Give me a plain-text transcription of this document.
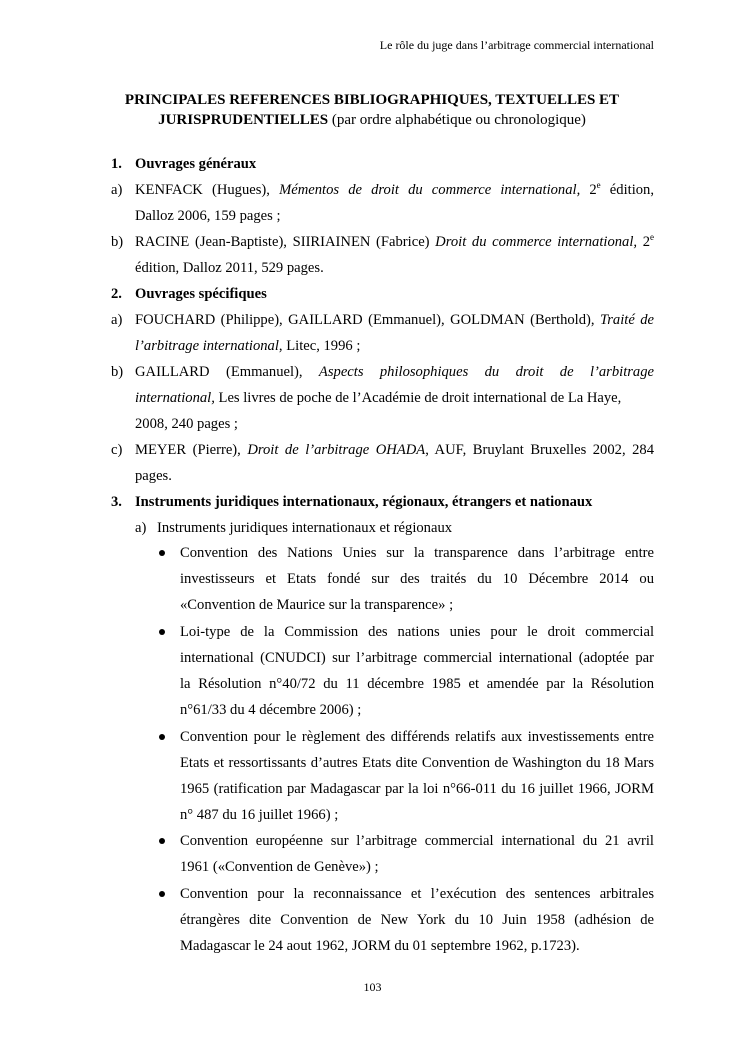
Le rôle du juge dans l’arbitrage commercial international
PRINCIPALES REFERENCES BIBLIOGRAPHIQUES, TEXTUELLES ET
JURISPRUDENTIELLES (par ordre alphabétique ou chronologique)
1. Ouvrages généraux
a) KENFACK (Hugues), Mémentos de droit du commerce international, 2e édition,
Dalloz 2006, 159 pages ;
b) RACINE (Jean-Baptiste), SIIRIAINEN (Fabrice) Droit du commerce international, 2e
édition, Dalloz 2011, 529 pages.
2. Ouvrages spécifiques
a) FOUCHARD (Philippe), GAILLARD (Emmanuel), GOLDMAN (Berthold), Traité de
l’arbitrage international, Litec, 1996 ;
b) GAILLARD (Emmanuel), Aspects philosophiques du droit de l’arbitrage
international, Les livres de poche de l’Académie de droit international de La Haye,
2008, 240 pages ;
c) MEYER (Pierre), Droit de l’arbitrage OHADA, AUF, Bruylant Bruxelles 2002, 284
pages.
3. Instruments juridiques internationaux, régionaux, étrangers et nationaux
a) Instruments juridiques internationaux et régionaux
Convention des Nations Unies sur la transparence dans l’arbitrage entre
investisseurs et Etats fondé sur des traités du 10 Décembre 2014 ou
«Convention de Maurice sur la transparence» ;
Loi-type de la Commission des nations unies pour le droit commercial
international (CNUDCI) sur l’arbitrage commercial international (adoptée par
la Résolution n°40/72 du 11 décembre 1985 et amendée par la Résolution
n°61/33 du 4 décembre 2006) ;
Convention pour le règlement des différends relatifs aux investissements entre
Etats et ressortissants d’autres Etats dite Convention de Washington du 18 Mars
1965 (ratification par Madagascar par la loi n°66-011 du 16 juillet 1966, JORM
n° 487 du 16 juillet 1966) ;
Convention européenne sur l’arbitrage commercial international du 21 avril
1961 («Convention de Genève») ;
Convention pour la reconnaissance et l’exécution des sentences arbitrales
étrangères dite Convention de New York du 10 Juin 1958 (adhésion de
Madagascar le 24 aout 1962, JORM du 01 septembre 1962, p.1723).
103
